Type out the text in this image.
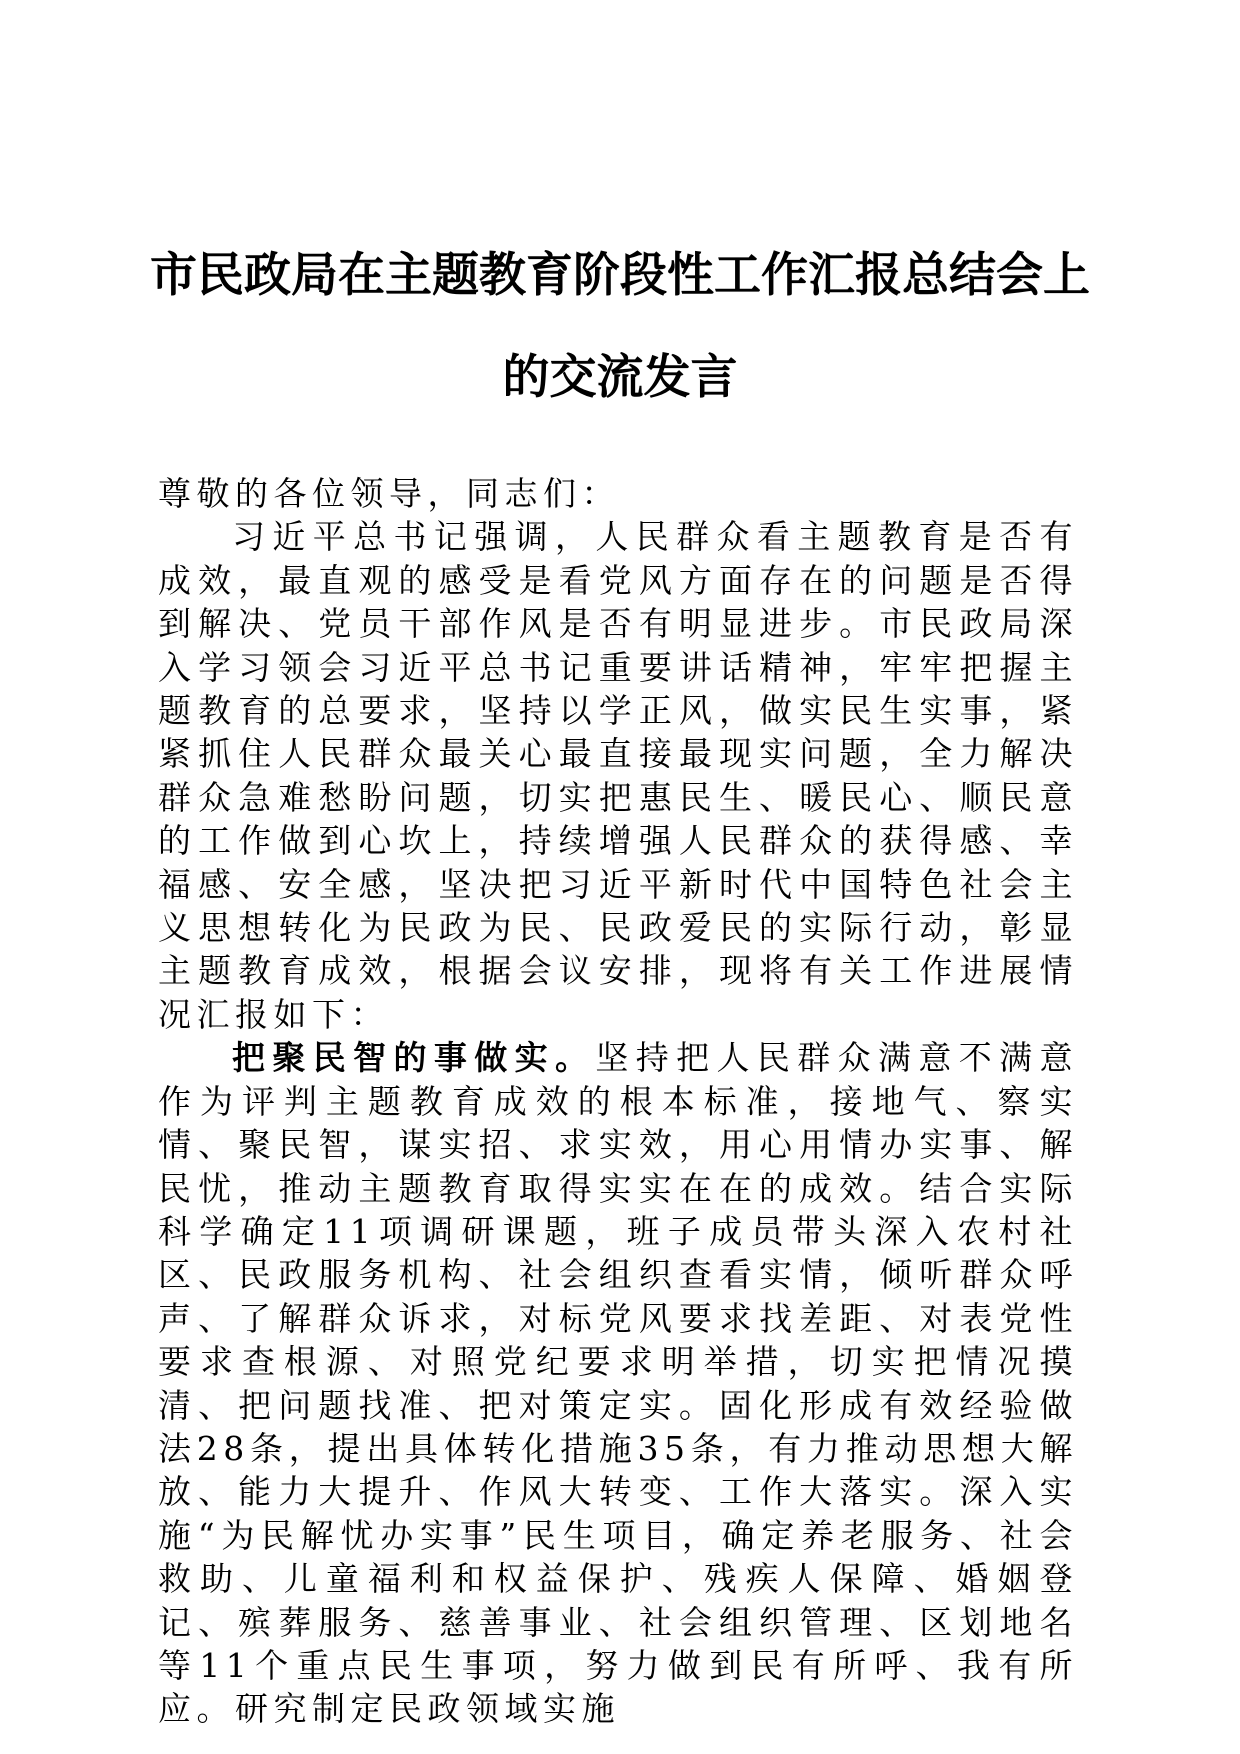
市民政局在主题教育阶段性工作汇报总结会上
的交流发言

尊敬的各位领导，同志们：

习近平总书记强调，人民群众看主题教育是否有成效，最直观的感受是看党风方面存在的问题是否得到解决、党员干部作风是否有明显进步。市民政局深入学习领会习近平总书记重要讲话精神，牢牢把握主题教育的总要求，坚持以学正风，做实民生实事，紧紧抓住人民群众最关心最直接最现实问题，全力解决群众急难愁盼问题，切实把惠民生、暖民心、顺民意的工作做到心坎上，持续增强人民群众的获得感、幸福感、安全感，坚决把习近平新时代中国特色社会主义思想转化为民政为民、民政爱民的实际行动，彰显主题教育成效，根据会议安排，现将有关工作进展情况汇报如下：

把聚民智的事做实。坚持把人民群众满意不满意作为评判主题教育成效的根本标准，接地气、察实情、聚民智，谋实招、求实效，用心用情办实事、解民忧，推动主题教育取得实实在在的成效。结合实际科学确定11项调研课题，班子成员带头深入农村社区、民政服务机构、社会组织查看实情，倾听群众呼声、了解群众诉求，对标党风要求找差距、对表党性要求查根源、对照党纪要求明举措，切实把情况摸清、把问题找准、把对策定实。固化形成有效经验做法28条，提出具体转化措施35条，有力推动思想大解放、能力大提升、作风大转变、工作大落实。深入实施“为民解忧办实事”民生项目，确定养老服务、社会救助、儿童福利和权益保护、残疾人保障、婚姻登记、殡葬服务、慈善事业、社会组织管理、区划地名等11个重点民生事项，努力做到民有所呼、我有所应。研究制定民政领域实施
